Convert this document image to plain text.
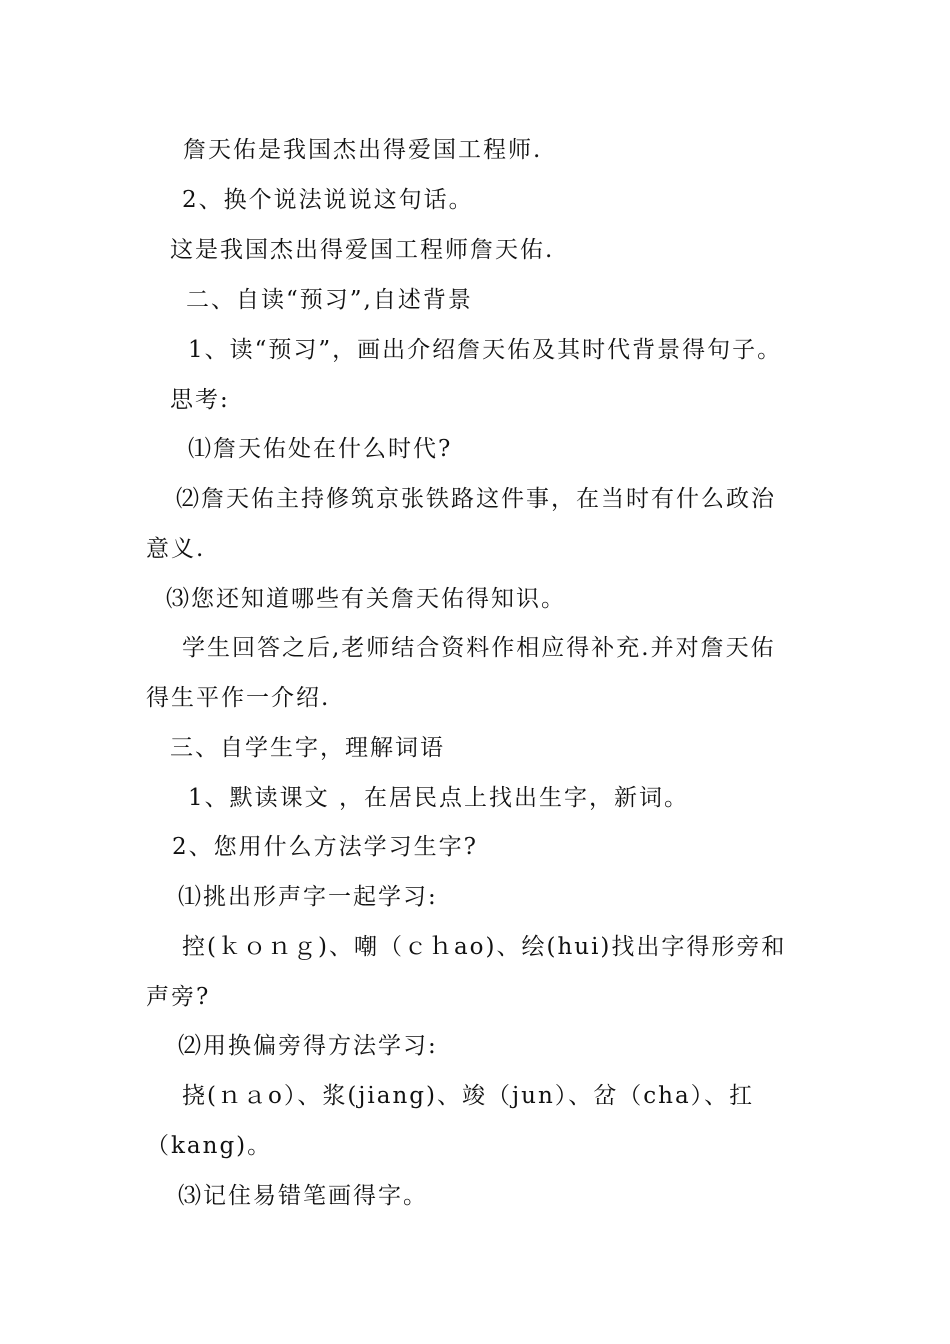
詹天佑是我国杰出得爱国工程师.
2、换个说法说说这句话。
这是我国杰出得爱国工程师詹天佑.
二、自读“预习”,自述背景
1、读“预习”，画出介绍詹天佑及其时代背景得句子。
思考:
⑴詹天佑处在什么时代?
⑵詹天佑主持修筑京张铁路这件事，在当时有什么政治
意义.
⑶您还知道哪些有关詹天佑得知识。
学生回答之后,老师结合资料作相应得补充.并对詹天佑
得生平作一介绍.
三、自学生字，理解词语
1、默读课文 ，在居民点上找出生字，新词。
2、您用什么方法学习生字?
⑴挑出形声字一起学习:
控(ｋｏｎｇ)、嘲（ｃｈao)、绘(hui)找出字得形旁和
声旁?
⑵用换偏旁得方法学习:
挠(ｎａo）、浆(jiang)、竣（jun）、岔（cha）、扛
（kang)。
⑶记住易错笔画得字。
